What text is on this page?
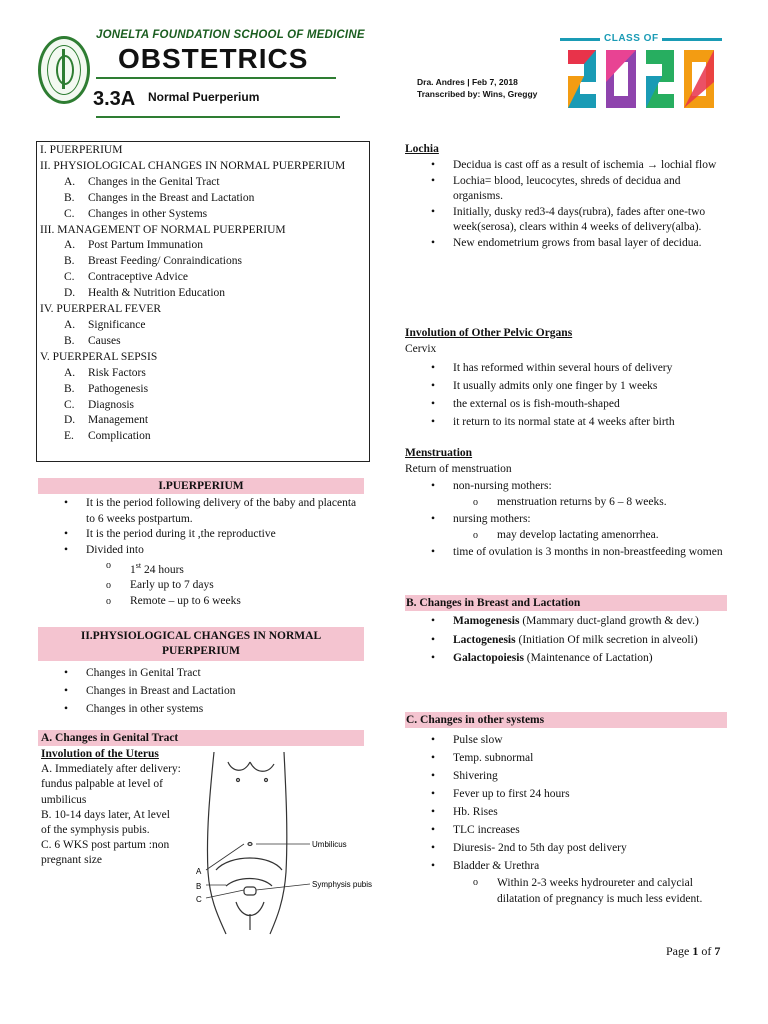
JONELTA FOUNDATION SCHOOL OF MEDICINE
OBSTETRICS
3.3A Normal Puerperium
Dra. Andres | Feb 7, 2018
Transcribed by: Wins, Greggy
CLASS OF
I. PUERPERIUM
II. PHYSIOLOGICAL CHANGES IN NORMAL PUERPERIUM
A. Changes in the Genital Tract
B. Changes in the Breast and Lactation
C. Changes in other Systems
III. MANAGEMENT OF NORMAL PUERPERIUM
A. Post Partum Immunation
B. Breast Feeding/ Conraindications
C. Contraceptive Advice
D. Health & Nutrition Education
IV. PUERPERAL FEVER
A. Significance
B. Causes
V. PUERPERAL SEPSIS
A. Risk Factors
B. Pathogenesis
C. Diagnosis
D. Management
E. Complication
I.PUERPERIUM
• It is the period following delivery of the baby and placenta to 6 weeks postpartum.
• It is the period during it ,the reproductive
• Divided into
o 1st 24 hours
o Early up to 7 days
o Remote – up to 6 weeks
II.PHYSIOLOGICAL CHANGES IN NORMAL PUERPERIUM
• Changes in Genital Tract
• Changes in Breast and Lactation
• Changes in other systems
A. Changes in Genital Tract
Involution of the Uterus
A. Immediately after delivery: fundus palpable at level of umbilicus
B. 10-14 days later, At level of the symphysis pubis.
C. 6 WKS post partum :non pregnant size
Umbilicus
Symphysis pubis
A
B
C
Lochia
• Decidua is cast off as a result of ischemia → lochial flow
• Lochia= blood, leucocytes, shreds of decidua and organisms.
• Initially, dusky red3-4 days(rubra), fades after one-two week(serosa), clears within 4 weeks of delivery(alba).
• New endometrium grows from basal layer of decidua.
Involution of Other Pelvic Organs
Cervix
• It has reformed within several hours of delivery
• It usually admits only one finger by 1 weeks
• the external os is fish-mouth-shaped
• it return to its normal state at 4 weeks after birth
Menstruation
Return of menstruation
• non-nursing mothers:
o menstruation returns by 6 – 8 weeks.
• nursing mothers:
o may develop lactating amenorrhea.
• time of ovulation is 3 months in non-breastfeeding women
B. Changes in Breast and Lactation
• Mamogenesis (Mammary duct-gland growth & dev.)
• Lactogenesis (Initiation Of milk secretion in alveoli)
• Galactopoiesis (Maintenance of Lactation)
C. Changes in other systems
• Pulse slow
• Temp. subnormal
• Shivering
• Fever up to first 24 hours
• Hb. Rises
• TLC increases
• Diuresis- 2nd to 5th day post delivery
• Bladder & Urethra
o Within 2-3 weeks hydroureter and calycial dilatation of pregnancy is much less evident.
Page 1 of 7
